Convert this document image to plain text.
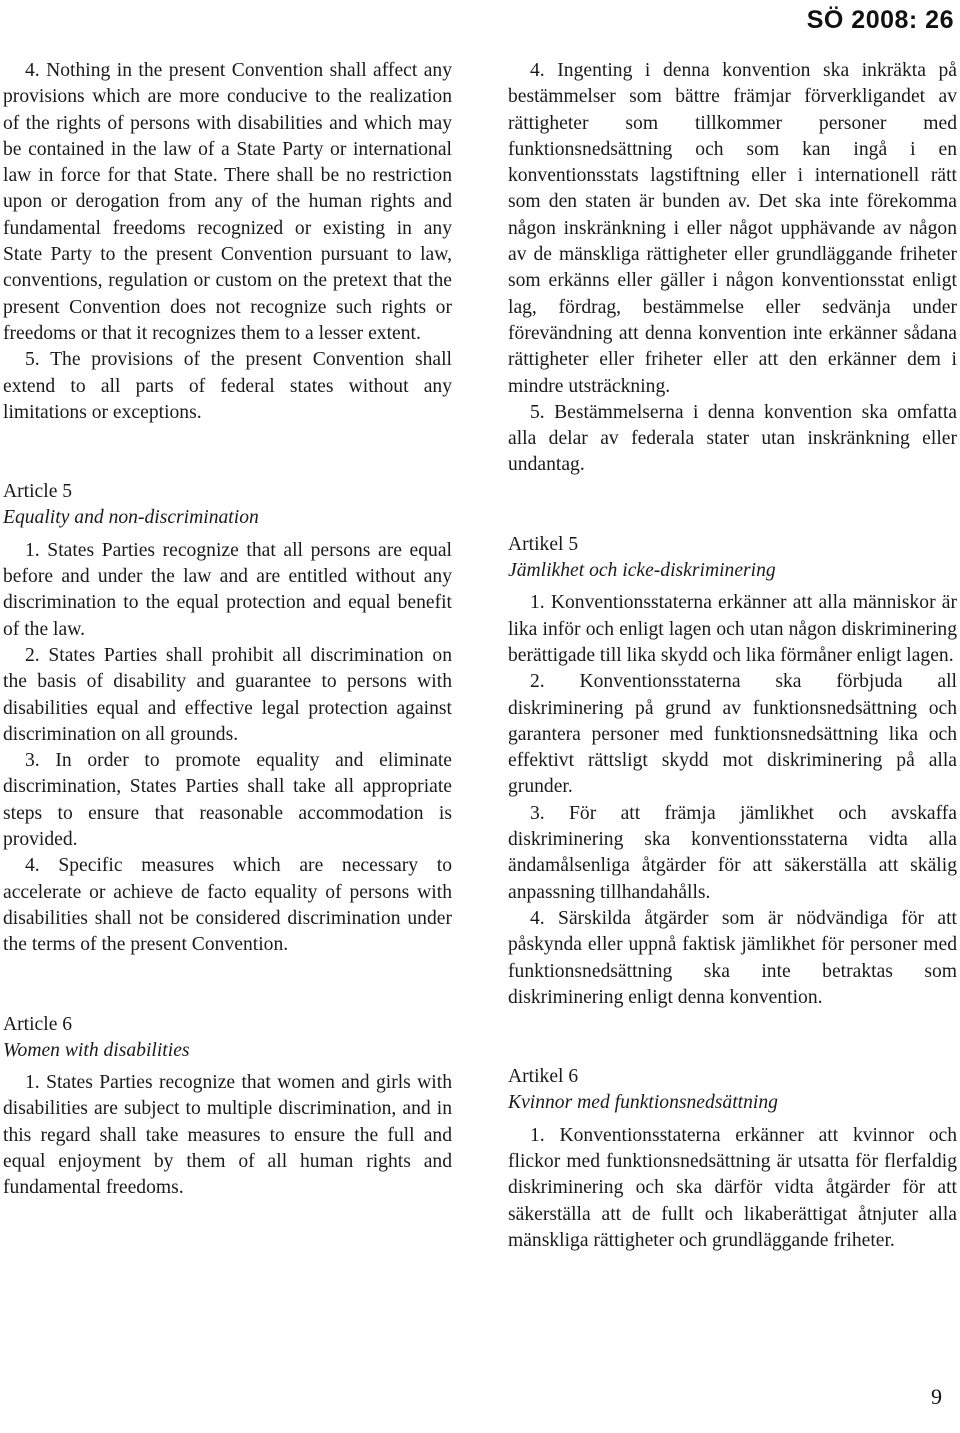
SÖ 2008: 26

4. Nothing in the present Convention shall affect any provisions which are more conducive to the realization of the rights of persons with disabilities and which may be contained in the law of a State Party or international law in force for that State. There shall be no restriction upon or derogation from any of the human rights and fundamental freedoms recognized or existing in any State Party to the present Convention pursuant to law, conventions, regulation or custom on the pretext that the present Convention does not recognize such rights or freedoms or that it recognizes them to a lesser extent.

5. The provisions of the present Convention shall extend to all parts of federal states without any limitations or exceptions.

Article 5
Equality and non-discrimination

1. States Parties recognize that all persons are equal before and under the law and are entitled without any discrimination to the equal protection and equal benefit of the law.

2. States Parties shall prohibit all discrimination on the basis of disability and guarantee to persons with disabilities equal and effective legal protection against discrimination on all grounds.

3. In order to promote equality and eliminate discrimination, States Parties shall take all appropriate steps to ensure that reasonable accommodation is provided.

4. Specific measures which are necessary to accelerate or achieve de facto equality of persons with disabilities shall not be considered discrimination under the terms of the present Convention.

Article 6
Women with disabilities

1. States Parties recognize that women and girls with disabilities are subject to multiple discrimination, and in this regard shall take measures to ensure the full and equal enjoyment by them of all human rights and fundamental freedoms.

4. Ingenting i denna konvention ska inkräkta på bestämmelser som bättre främjar förverkligandet av rättigheter som tillkommer personer med funktionsnedsättning och som kan ingå i en konventionsstats lagstiftning eller i internationell rätt som den staten är bunden av. Det ska inte förekomma någon inskränkning i eller något upphävande av någon av de mänskliga rättigheter eller grundläggande friheter som erkänns eller gäller i någon konventionsstat enligt lag, fördrag, bestämmelse eller sedvänja under förevändning att denna konvention inte erkänner sådana rättigheter eller friheter eller att den erkänner dem i mindre utsträckning.

5. Bestämmelserna i denna konvention ska omfatta alla delar av federala stater utan inskränkning eller undantag.

Artikel 5
Jämlikhet och icke-diskriminering

1. Konventionsstaterna erkänner att alla människor är lika inför och enligt lagen och utan någon diskriminering berättigade till lika skydd och lika förmåner enligt lagen.

2. Konventionsstaterna ska förbjuda all diskriminering på grund av funktionsnedsättning och garantera personer med funktionsnedsättning lika och effektivt rättsligt skydd mot diskriminering på alla grunder.

3. För att främja jämlikhet och avskaffa diskriminering ska konventionsstaterna vidta alla ändamålsenliga åtgärder för att säkerställa att skälig anpassning tillhandahålls.

4. Särskilda åtgärder som är nödvändiga för att påskynda eller uppnå faktisk jämlikhet för personer med funktionsnedsättning ska inte betraktas som diskriminering enligt denna konvention.

Artikel 6
Kvinnor med funktionsnedsättning

1. Konventionsstaterna erkänner att kvinnor och flickor med funktionsnedsättning är utsatta för flerfaldig diskriminering och ska därför vidta åtgärder för att säkerställa att de fullt och likaberättigat åtnjuter alla mänskliga rättigheter och grundläggande friheter.

9
